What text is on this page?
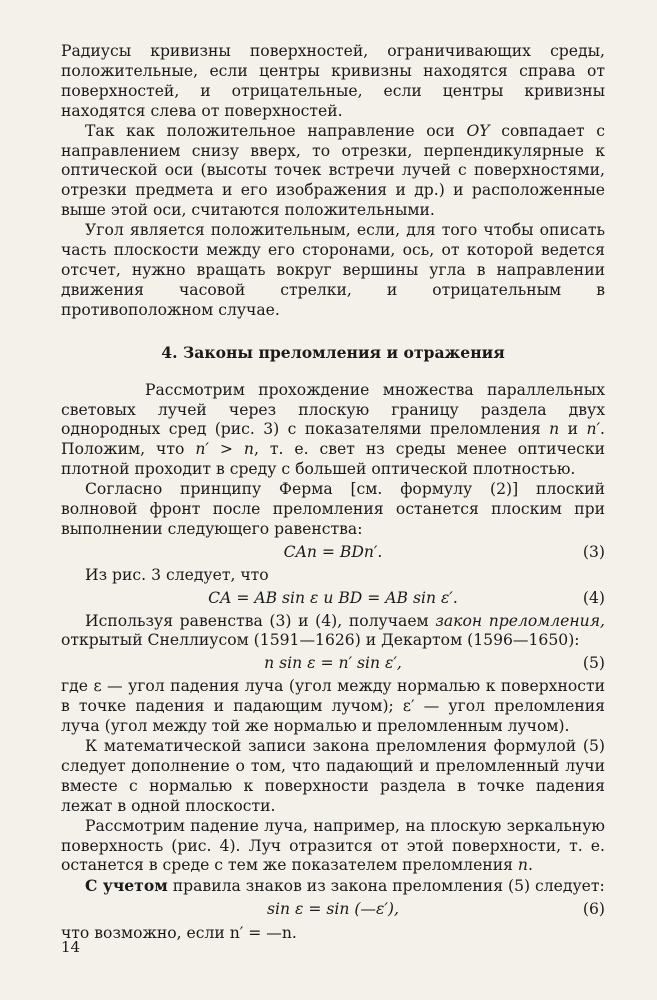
Радиусы кривизны поверхностей, ограничивающих среды, положительные, если центры кривизны находятся справа от поверхностей, и отрицательные, если центры кривизны находятся слева от поверхностей.

Так как положительное направление оси OY совпадает с направлением снизу вверх, то отрезки, перпендикулярные к оптической оси (высоты точек встречи лучей с поверхностями, отрезки предмета и его изображения и др.) и расположенные выше этой оси, считаются положительными.

Угол является положительным, если, для того чтобы описать часть плоскости между его сторонами, ось, от которой ведется отсчет, нужно вращать вокруг вершины угла в направлении движения часовой стрелки, и отрицательным в противоположном случае.

4. Законы преломления и отражения

Рассмотрим прохождение множества параллельных световых лучей через плоскую границу раздела двух однородных сред (рис. 3) с показателями преломления n и n′. Положим, что n′ > n, т. е. свет нз среды менее оптически плотной проходит в среду с большей оптической плотностью.

Согласно принципу Ферма [см. формулу (2)] плоский волновой фронт после преломления останется плоским при выполнении следующего равенства:

CAn = BDn′.	(3)

Из рис. 3 следует, что

CA = AB sin ε и BD = AB sin ε′.	(4)

Используя равенства (3) и (4), получаем закон преломления, открытый Снеллиусом (1591—1626) и Декартом (1596—1650):

n sin ε = n′ sin ε′,	(5)

где ε — угол падения луча (угол между нормалью к поверхности в точке падения и падающим лучом); ε′ — угол преломления луча (угол между той же нормалью и преломленным лучом).

К математической записи закона преломления формулой (5) следует дополнение о том, что падающий и преломленный лучи вместе с нормалью к поверхности раздела в точке падения лежат в одной плоскости.

Рассмотрим падение луча, например, на плоскую зеркальную поверхность (рис. 4). Луч отразится от этой поверхности, т. е. останется в среде с тем же показателем преломления n.

С учетом правила знаков из закона преломления (5) следует:

sin ε = sin (—ε′),	(6)

что возможно, если n′ = —n.

14
